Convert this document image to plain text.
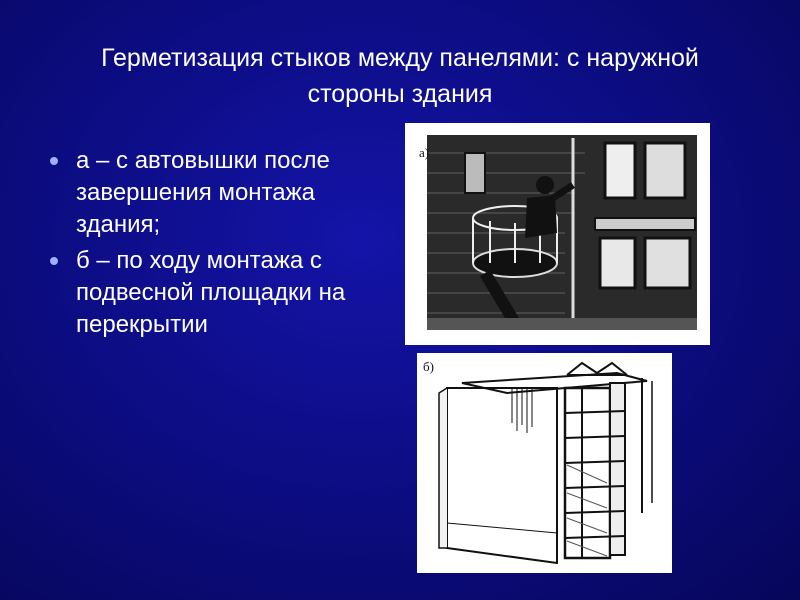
Герметизация стыков между панелями: с наружной стороны здания
а – с автовышки после завершения монтажа здания;
б – по ходу монтажа с подвесной площадки на перекрытии
а)
б)
